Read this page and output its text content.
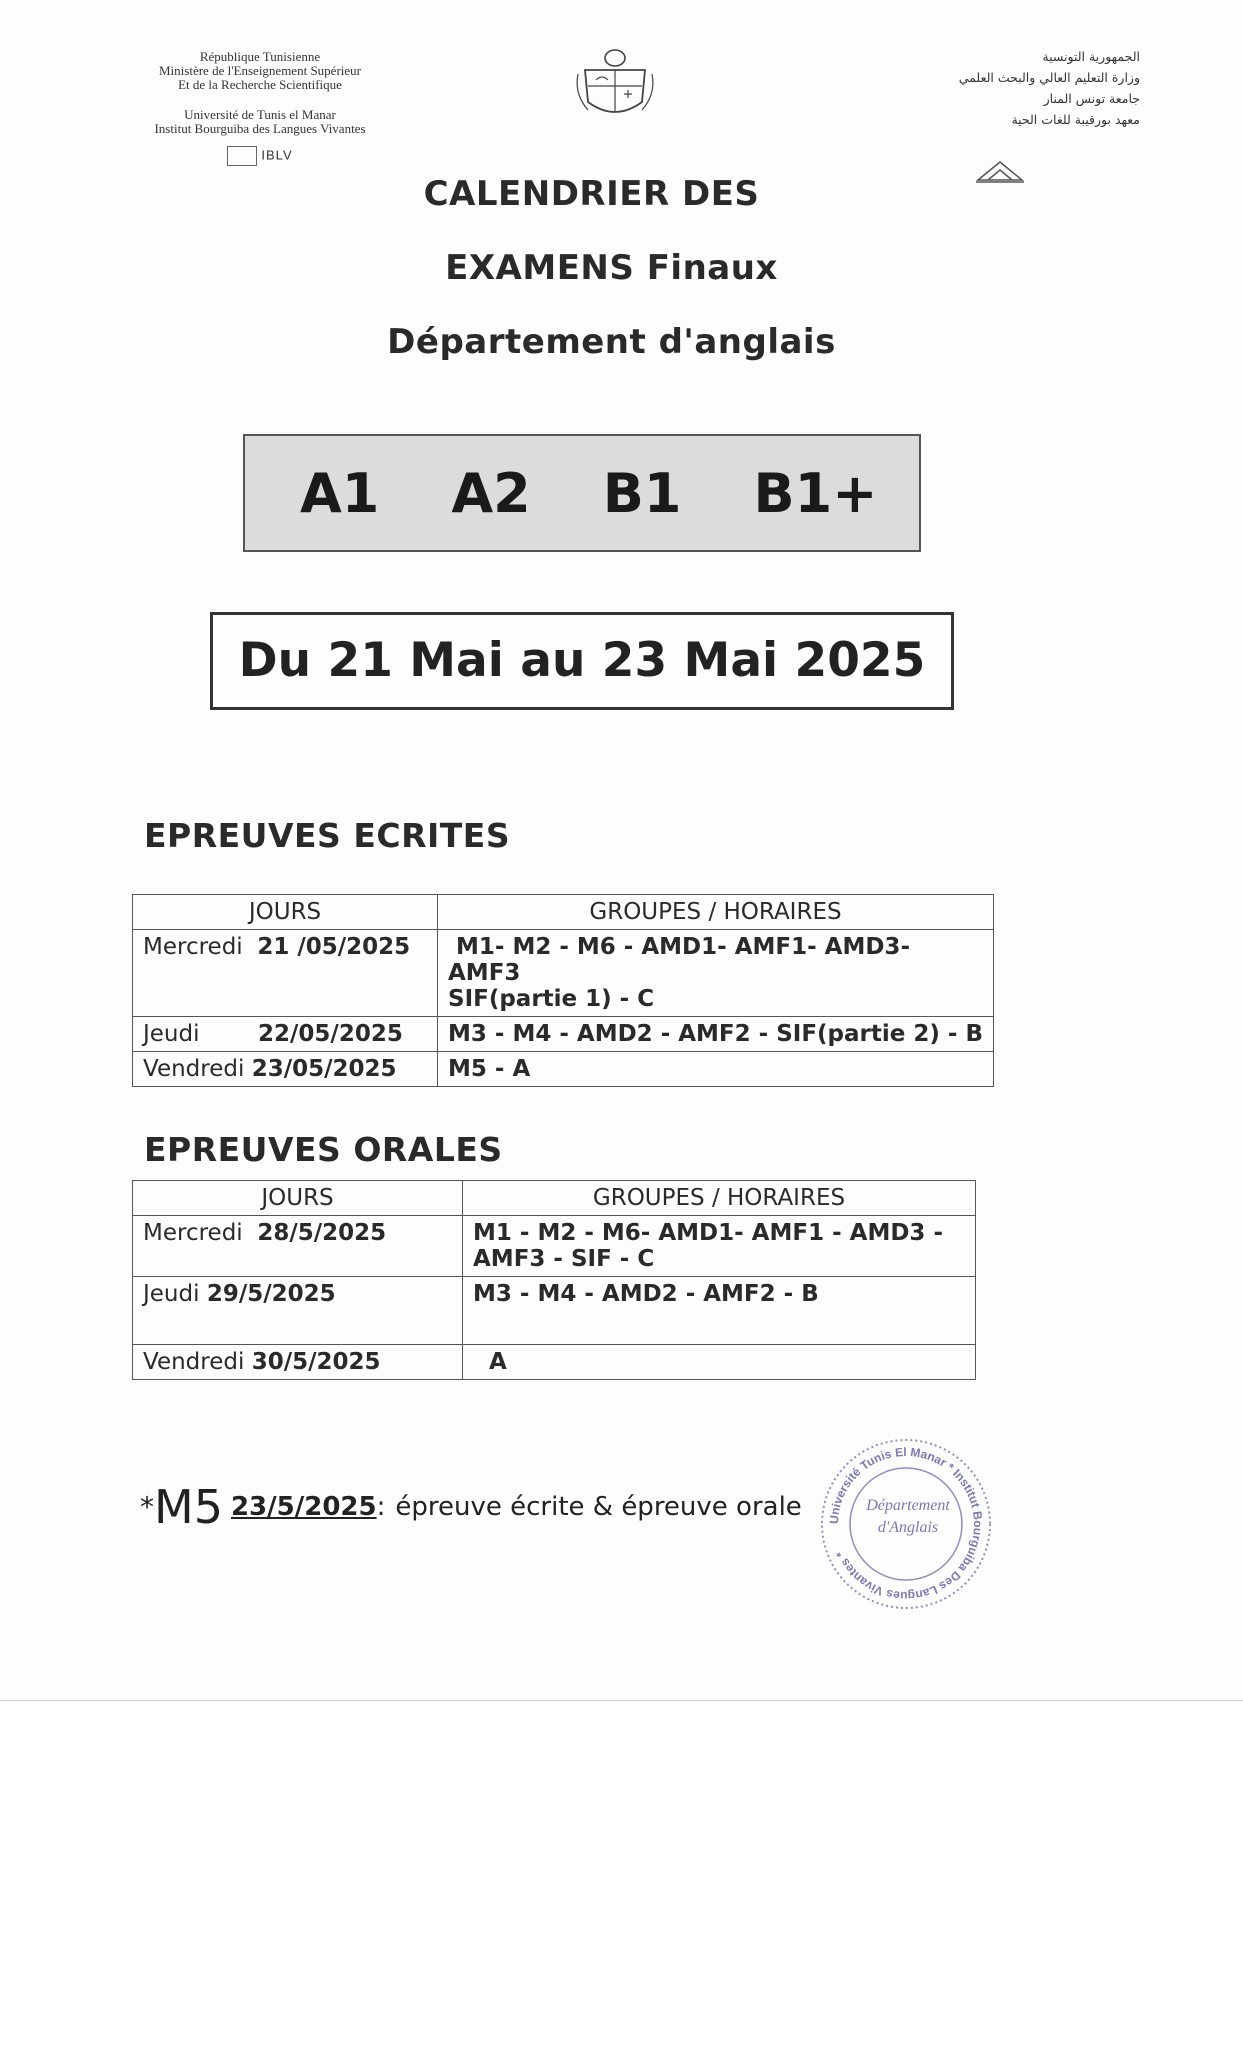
République Tunisienne
Ministère de l'Enseignement Supérieur
Et de la Recherche Scientifique
Université de Tunis el Manar
Institut Bourguiba des Langues Vivantes
IBLV
الجمهورية التونسية
وزارة التعليم العالي والبحث العلمي
جامعة تونس المنار
معهد بورقيبة للغات الحية
CALENDRIER DES
EXAMENS Finaux
Département d'anglais
A1 A2 B1 B1+
Du 21 Mai au 23 Mai 2025
EPREUVES ECRITES
JOURS	GROUPES / HORAIRES
Mercredi 21 /05/2025	M1- M2 - M6 - AMD1- AMF1- AMD3- AMF3
SIF(partie 1) - C
Jeudi 22/05/2025	M3 - M4 - AMD2 - AMF2 - SIF(partie 2) - B
Vendredi 23/05/2025	M5 - A
EPREUVES ORALES
JOURS	GROUPES / HORAIRES
Mercredi 28/5/2025	M1 - M2 - M6- AMD1- AMF1 - AMD3 -
AMF3 - SIF - C
Jeudi 29/5/2025	M3 - M4 - AMD2 - AMF2 - B
Vendredi 30/5/2025	A
*M5 23/5/2025: épreuve écrite & épreuve orale Université Tunis El Manar * Institut Bourguiba Des Langues Vivantes *
Département
d'Anglais
